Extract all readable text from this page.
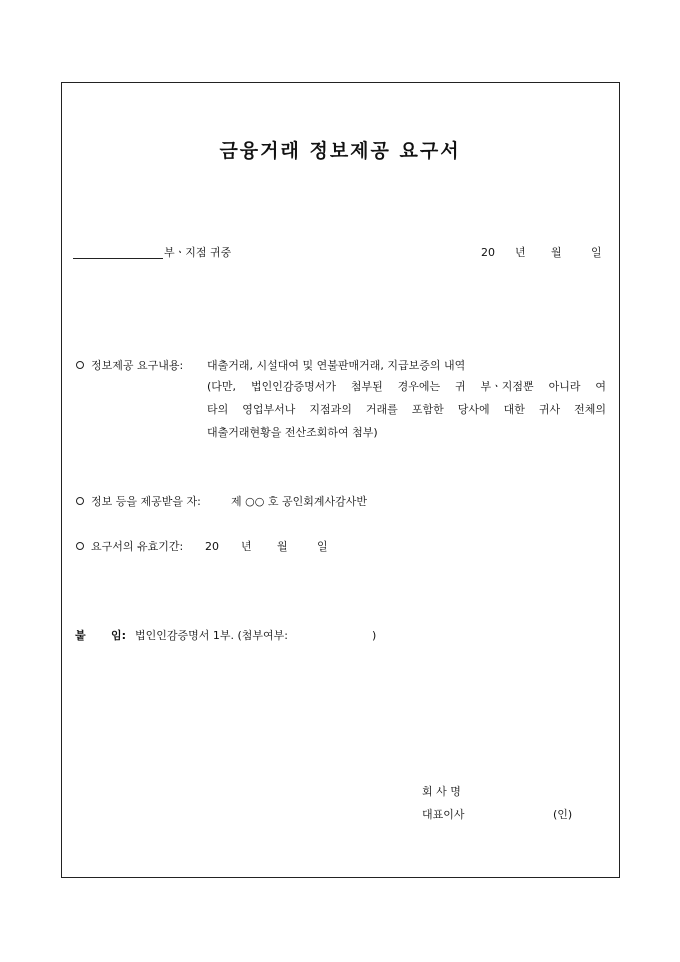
금융거래 정보제공 요구서
부ㆍ지점 귀중	20 년 월	일
정보제공 요구내용: 대출거래, 시설대여 및 연불판매거래, 지급보증의 내역
(다만, 법인인감증명서가 첨부된 경우에는 귀 부ㆍ지점뿐 아니라 여
타의 영업부서나 지점과의 거래를 포함한 당사에 대한 귀사 전체의
대출거래현황을 전산조회하여 첨부)
정보 등을 제공받을 자:	제 ○○ 호 공인회계사감사반
요구서의 유효기간: 20 년 월	일
붙 임: 법인인감증명서 1부. (첨부여부:	)
회 사 명
대표이사	(인)
